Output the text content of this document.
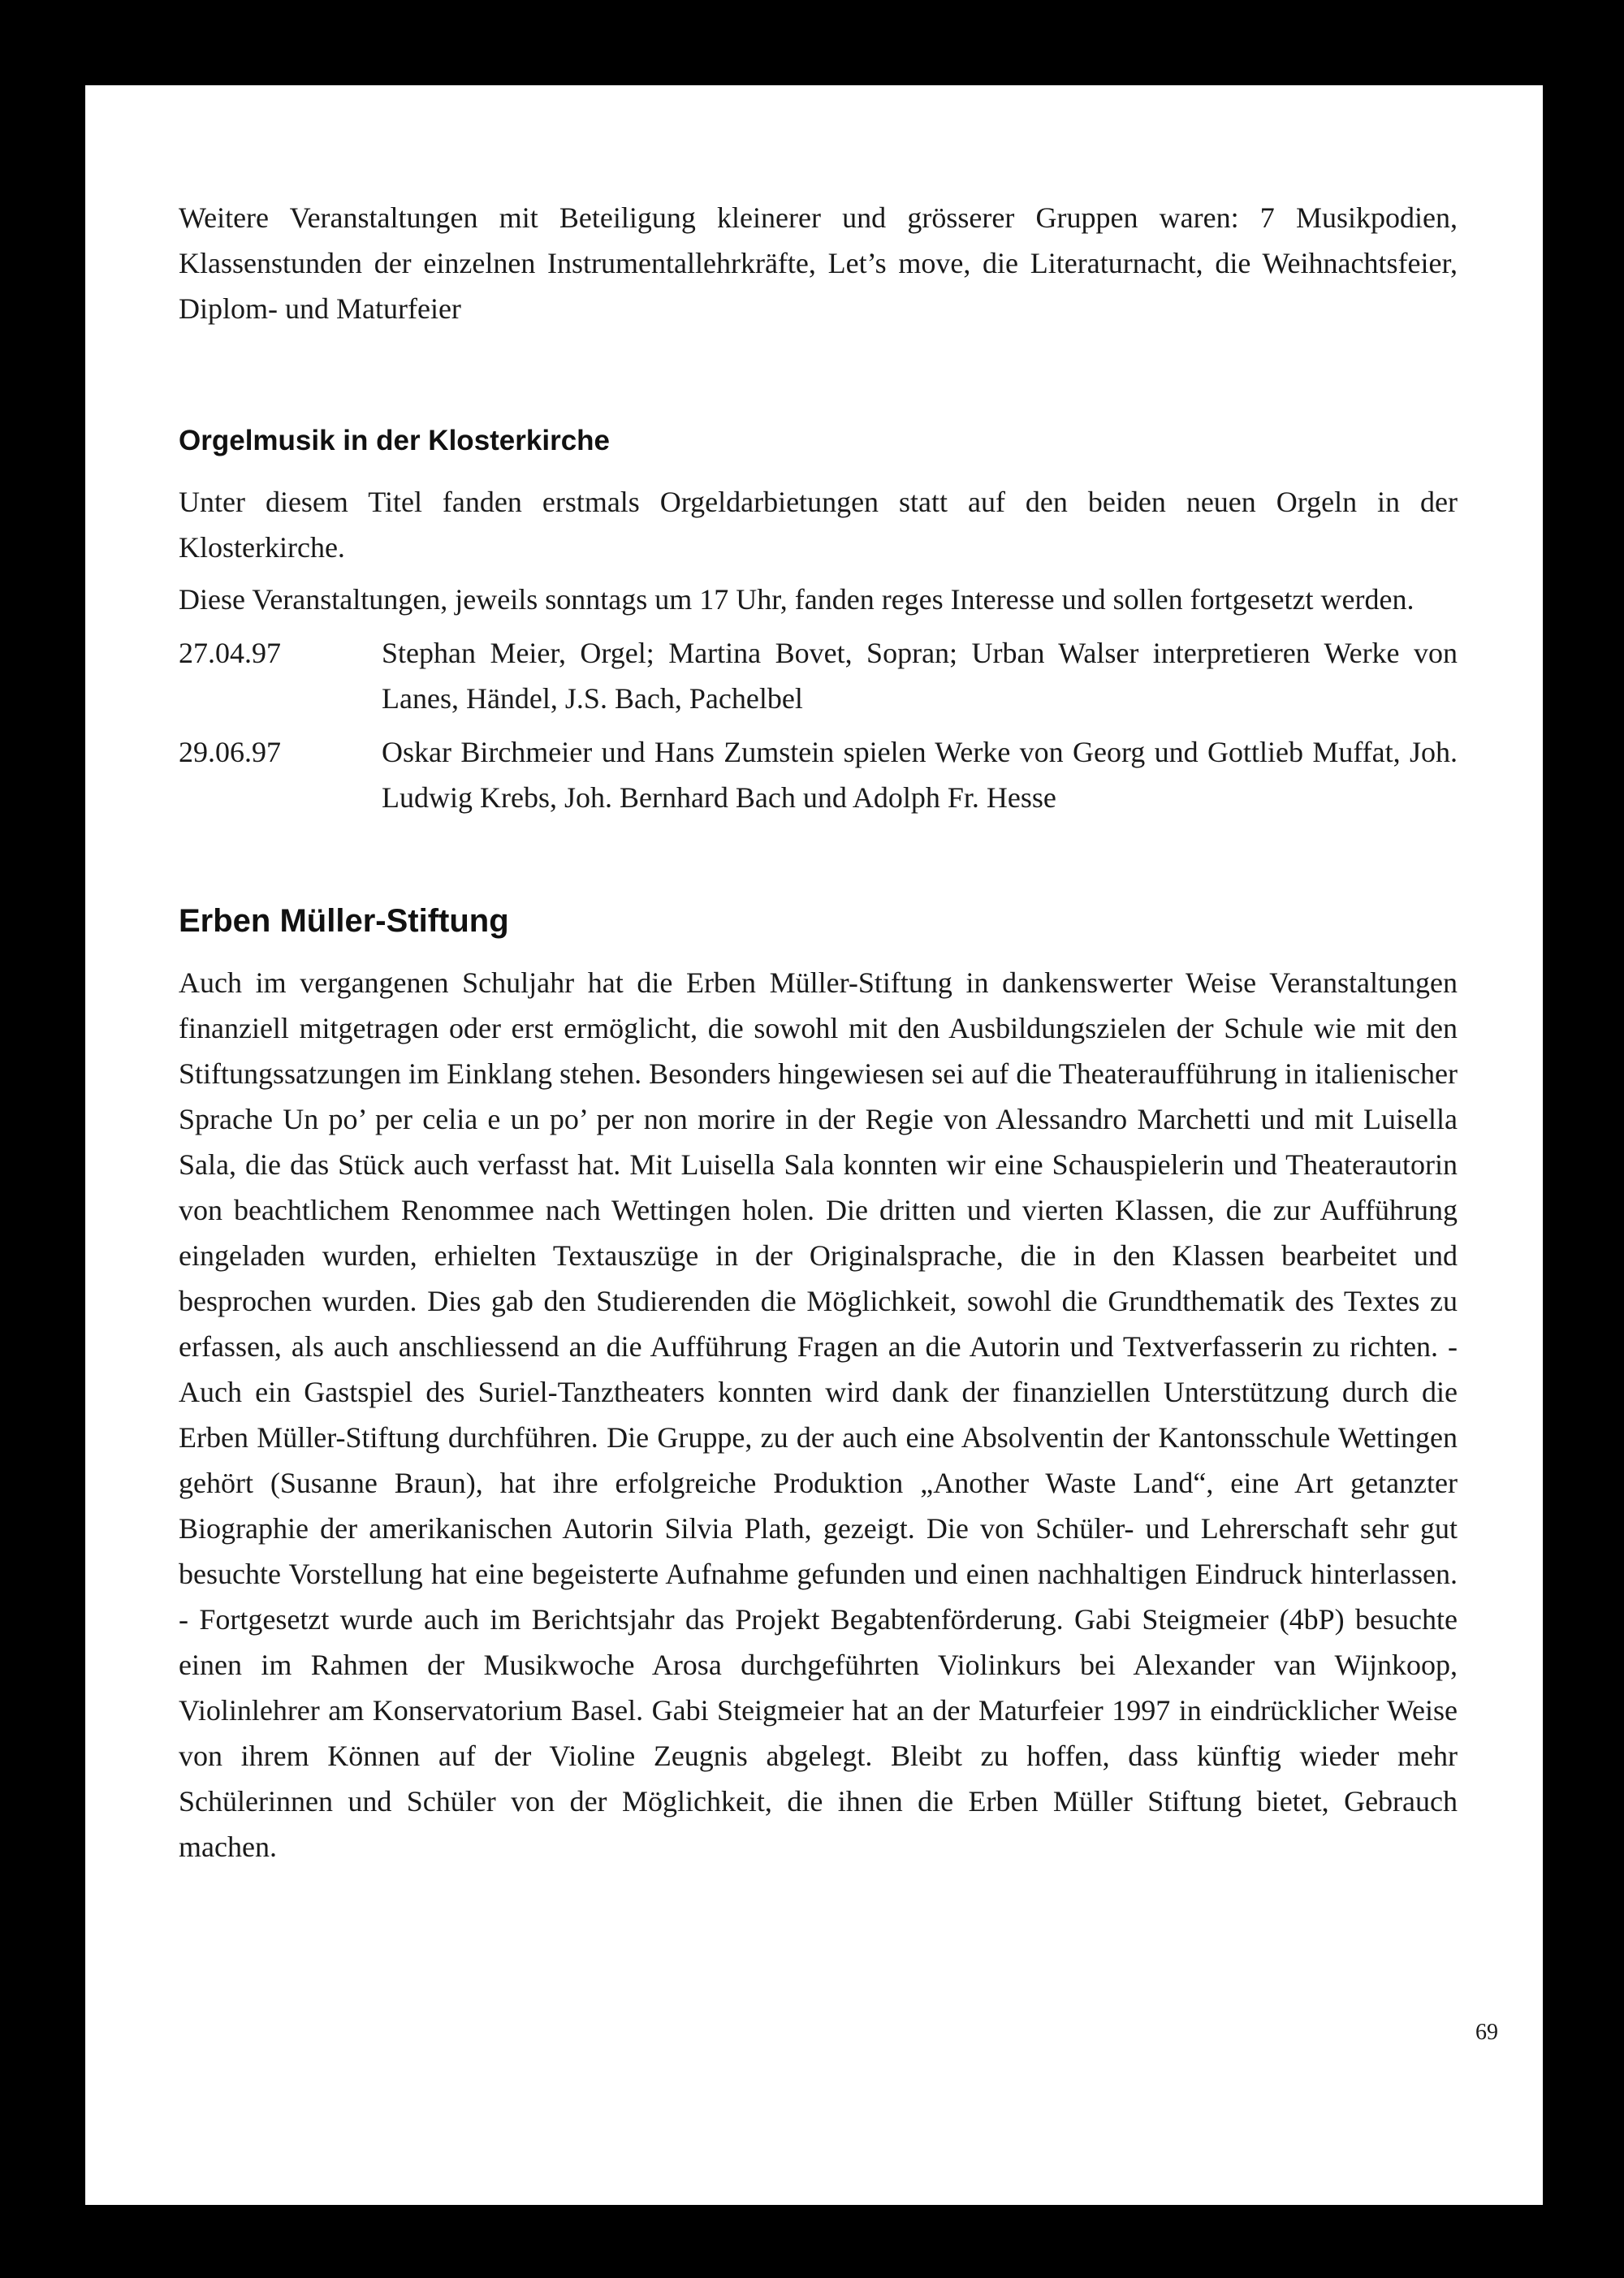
Weitere Veranstaltungen mit Beteiligung kleinerer und grösserer Gruppen waren: 7 Musikpodien, Klassenstunden der einzelnen Instrumentallehrkräfte, Let’s move, die Literaturnacht, die Weihnachtsfeier, Diplom- und Maturfeier

Orgelmusik in der Klosterkirche

Unter diesem Titel fanden erstmals Orgeldarbietungen statt auf den beiden neuen Orgeln in der Klosterkirche.

Diese Veranstaltungen, jeweils sonntags um 17 Uhr, fanden reges Interesse und sollen fortgesetzt werden.

27.04.97	Stephan Meier, Orgel; Martina Bovet, Sopran; Urban Walser interpretieren Werke von Lanes, Händel, J.S. Bach, Pachelbel
29.06.97	Oskar Birchmeier und Hans Zumstein spielen Werke von Georg und Gottlieb Muffat, Joh. Ludwig Krebs, Joh. Bernhard Bach und Adolph Fr. Hesse
Erben Müller-Stiftung

Auch im vergangenen Schuljahr hat die Erben Müller-Stiftung in dankenswerter Weise Veranstaltungen finanziell mitgetragen oder erst ermöglicht, die sowohl mit den Ausbildungszielen der Schule wie mit den Stiftungssatzungen im Einklang stehen. Besonders hingewiesen sei auf die Theateraufführung in italienischer Sprache Un po’ per celia e un po’ per non morire in der Regie von Alessandro Marchetti und mit Luisella Sala, die das Stück auch verfasst hat. Mit Luisella Sala konnten wir eine Schauspielerin und Theaterautorin von beachtlichem Renommee nach Wettingen holen. Die dritten und vierten Klassen, die zur Aufführung eingeladen wurden, erhielten Textauszüge in der Originalsprache, die in den Klassen bearbeitet und besprochen wurden. Dies gab den Studierenden die Möglichkeit, sowohl die Grundthematik des Textes zu erfassen, als auch anschliessend an die Aufführung Fragen an die Autorin und Textverfasserin zu richten. - Auch ein Gastspiel des Suriel-Tanztheaters konnten wird dank der finanziellen Unterstützung durch die Erben Müller-Stiftung durchführen. Die Gruppe, zu der auch eine Absolventin der Kantonsschule Wettingen gehört (Susanne Braun), hat ihre erfolgreiche Produktion „Another Waste Land“, eine Art getanzter Biographie der amerikanischen Autorin Silvia Plath, gezeigt. Die von Schüler- und Lehrerschaft sehr gut besuchte Vorstellung hat eine begeisterte Aufnahme gefunden und einen nachhaltigen Eindruck hinterlassen. - Fortgesetzt wurde auch im Berichtsjahr das Projekt Begabtenförderung. Gabi Steigmeier (4bP) besuchte einen im Rahmen der Musikwoche Arosa durchgeführten Violinkurs bei Alexander van Wijnkoop, Violinlehrer am Konservatorium Basel. Gabi Steigmeier hat an der Maturfeier 1997 in eindrücklicher Weise von ihrem Können auf der Violine Zeugnis abgelegt. Bleibt zu hoffen, dass künftig wieder mehr Schülerinnen und Schüler von der Möglichkeit, die ihnen die Erben Müller Stiftung bietet, Gebrauch machen.

69
